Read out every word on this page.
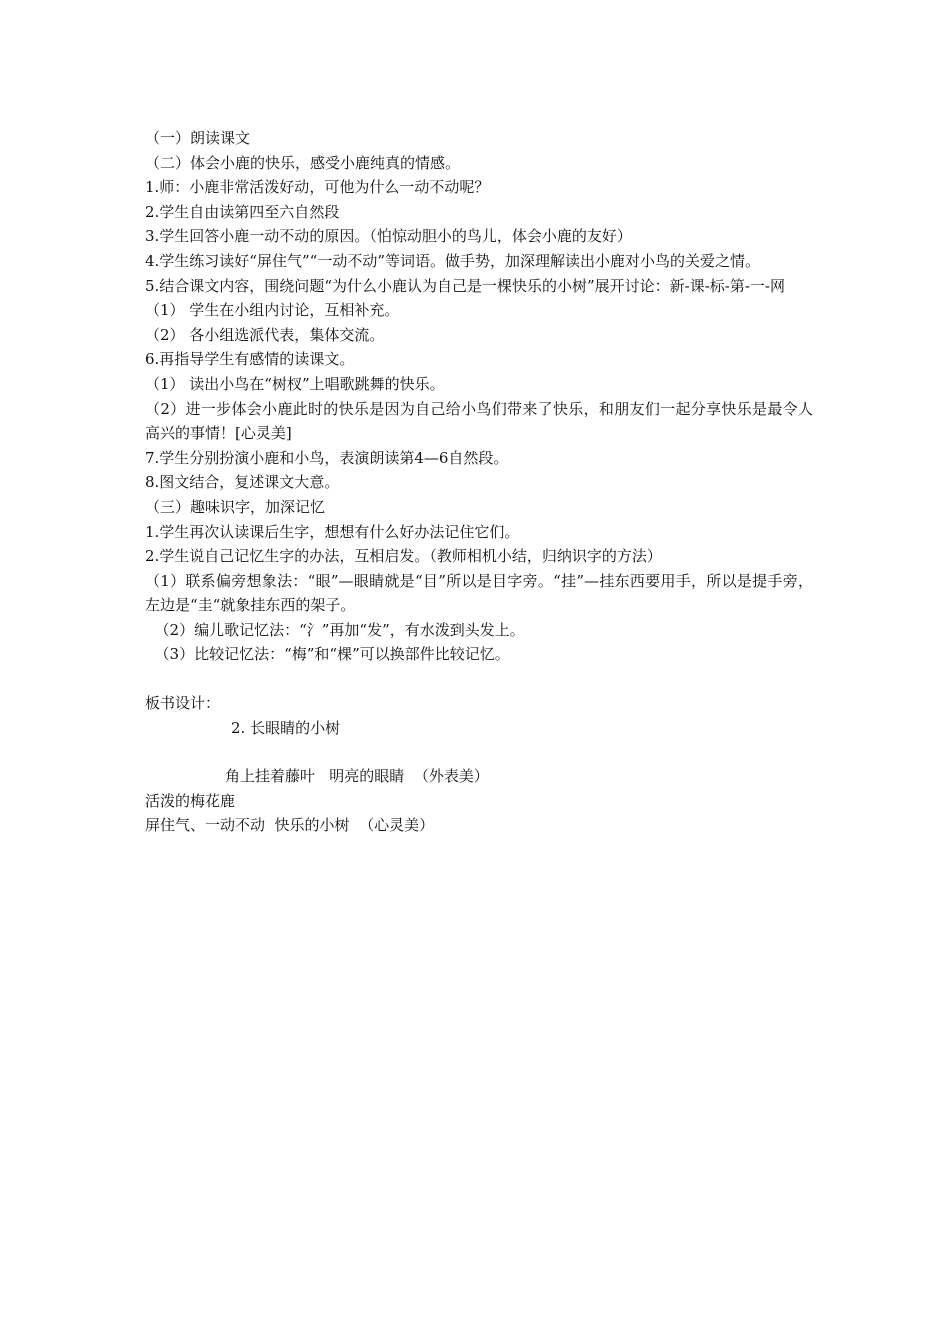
（一）朗读课文

（二）体会小鹿的快乐，感受小鹿纯真的情感。

1.师：小鹿非常活泼好动，可他为什么一动不动呢？

2.学生自由读第四至六自然段

3.学生回答小鹿一动不动的原因。（怕惊动胆小的鸟儿，体会小鹿的友好）

4.学生练习读好“屏住气”“一动不动”等词语。做手势，加深理解读出小鹿对小鸟的关爱之情。

5.结合课文内容，围绕问题“为什么小鹿认为自己是一棵快乐的小树”展开讨论：新-课-标-第-一-网

（1） 学生在小组内讨论，互相补充。

（2） 各小组选派代表，集体交流。

6.再指导学生有感情的读课文。

（1） 读出小鸟在“树杈”上唱歌跳舞的快乐。

（2）进一步体会小鹿此时的快乐是因为自己给小鸟们带来了快乐，和朋友们一起分享快乐是最令人高兴的事情！[心灵美]

7.学生分别扮演小鹿和小鸟，表演朗读第4—6自然段。

8.图文结合，复述课文大意。

（三）趣味识字，加深记忆

1.学生再次认读课后生字，想想有什么好办法记住它们。

2.学生说自己记忆生字的办法，互相启发。（教师相机小结，归纳识字的方法）

（1）联系偏旁想象法：“眼”—眼睛就是“目”所以是目字旁。“挂”—挂东西要用手，所以是提手旁，左边是“圭“就象挂东西的架子。

（2）编儿歌记忆法：“氵”再加“发”，有水泼到头发上。

（3）比较记忆法：“梅”和“棵”可以换部件比较记忆。

板书设计：

2. 长眼睛的小树

角上挂着藤叶   明亮的眼睛  （外表美）

活泼的梅花鹿

屏住气、一动不动  快乐的小树  （心灵美）
